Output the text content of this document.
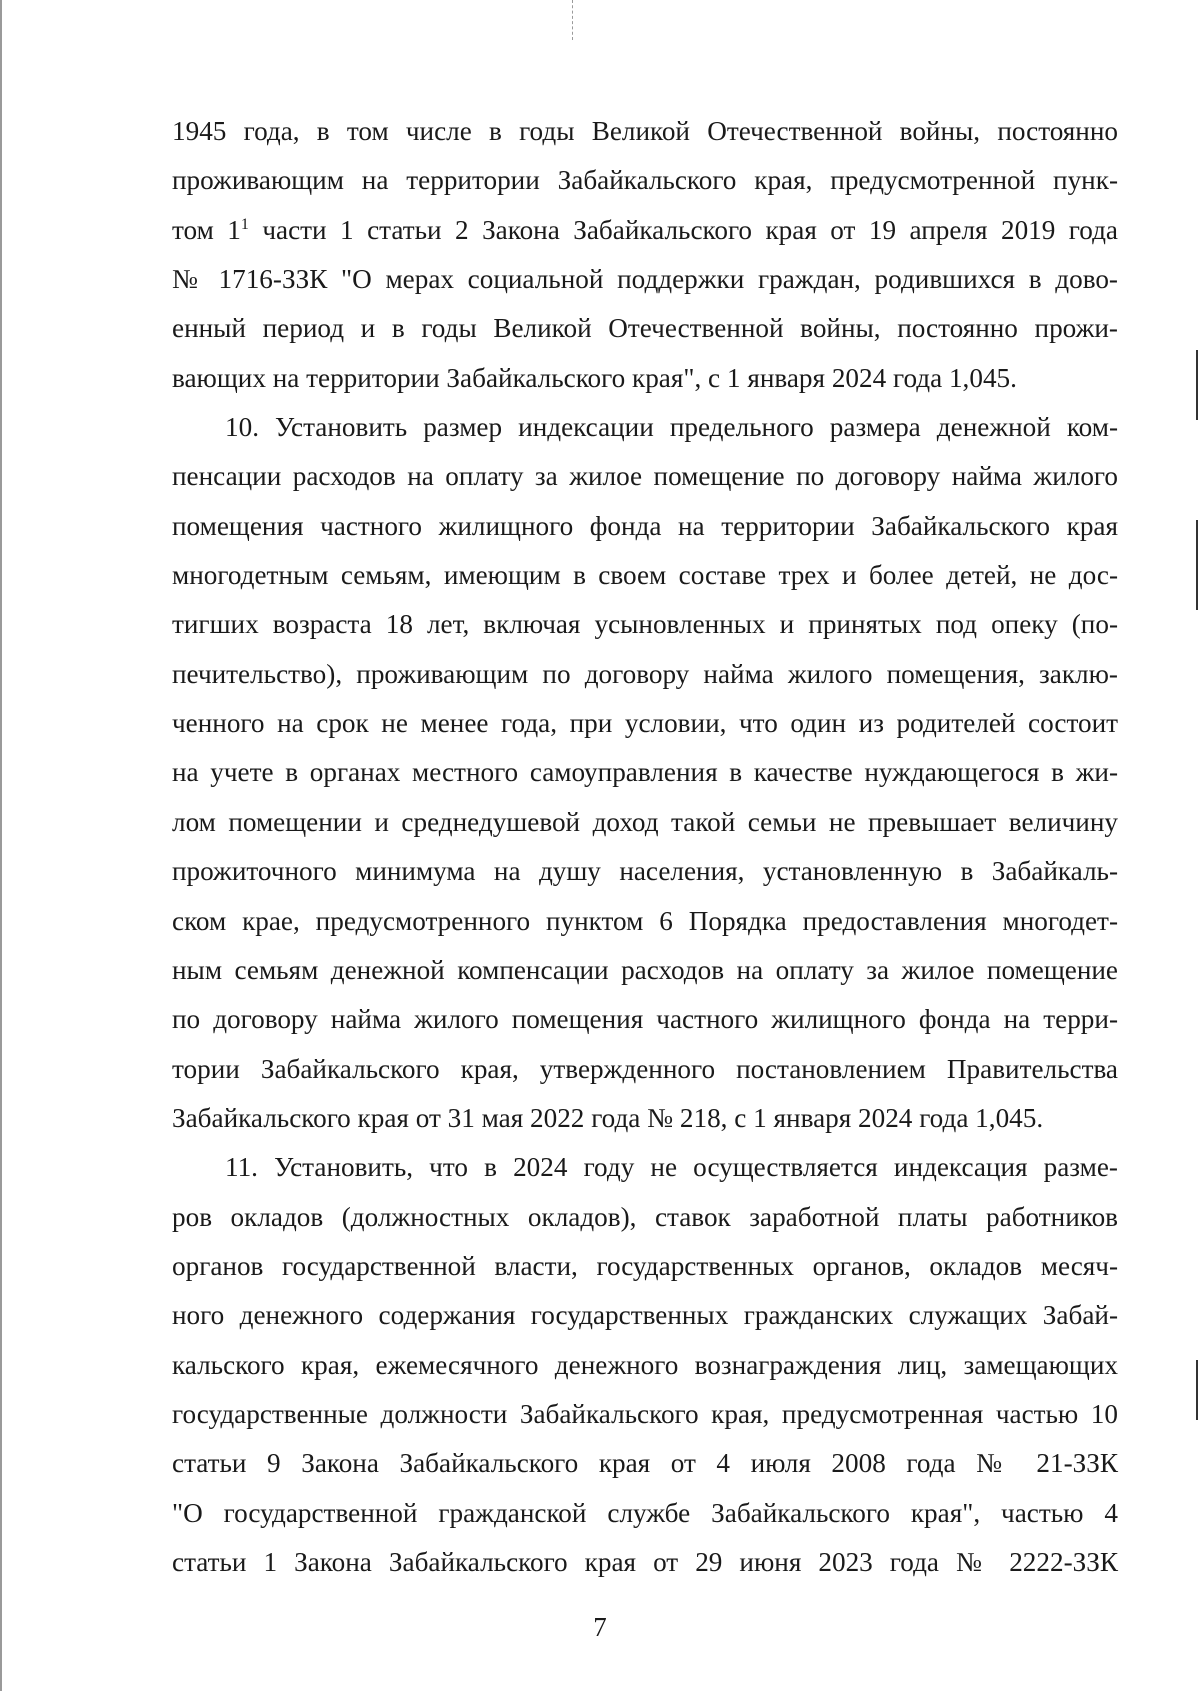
1945 года, в том числе в годы Великой Отечественной войны, постоянно

проживающим на территории Забайкальского края, предусмотренной пунк-

том $1^1$ части 1 статьи 2 Закона Забайкальского края от 19 апреля 2019 года

№ 1716-ЗЗК "О мерах социальной поддержки граждан, родившихся в дово-

енный период и в годы Великой Отечественной войны, постоянно прожи-

вающих на территории Забайкальского края", с 1 января 2024 года 1,045.

10. Установить размер индексации предельного размера денежной ком-

пенсации расходов на оплату за жилое помещение по договору найма жилого

помещения частного жилищного фонда на территории Забайкальского края

многодетным семьям, имеющим в своем составе трех и более детей, не дос-

тигших возраста 18 лет, включая усыновленных и принятых под опеку (по-

печительство), проживающим по договору найма жилого помещения, заклю-

ченного на срок не менее года, при условии, что один из родителей состоит

на учете в органах местного самоуправления в качестве нуждающегося в жи-

лом помещении и среднедушевой доход такой семьи не превышает величину

прожиточного минимума на душу населения, установленную в Забайкаль-

ском крае, предусмотренного пунктом 6 Порядка предоставления многодет-

ным семьям денежной компенсации расходов на оплату за жилое помещение

по договору найма жилого помещения частного жилищного фонда на терри-

тории Забайкальского края, утвержденного постановлением Правительства

Забайкальского края от 31 мая 2022 года № 218, с 1 января 2024 года 1,045.

11. Установить, что в 2024 году не осуществляется индексация разме-

ров окладов (должностных окладов), ставок заработной платы работников

органов государственной власти, государственных органов, окладов месяч-

ного денежного содержания государственных гражданских служащих Забай-

кальского края, ежемесячного денежного вознаграждения лиц, замещающих

государственные должности Забайкальского края, предусмотренная частью 10

статьи 9 Закона Забайкальского края от 4 июля 2008 года № 21-ЗЗК

"О государственной гражданской службе Забайкальского края", частью 4

статьи 1 Закона Забайкальского края от 29 июня 2023 года № 2222-ЗЗК

7
